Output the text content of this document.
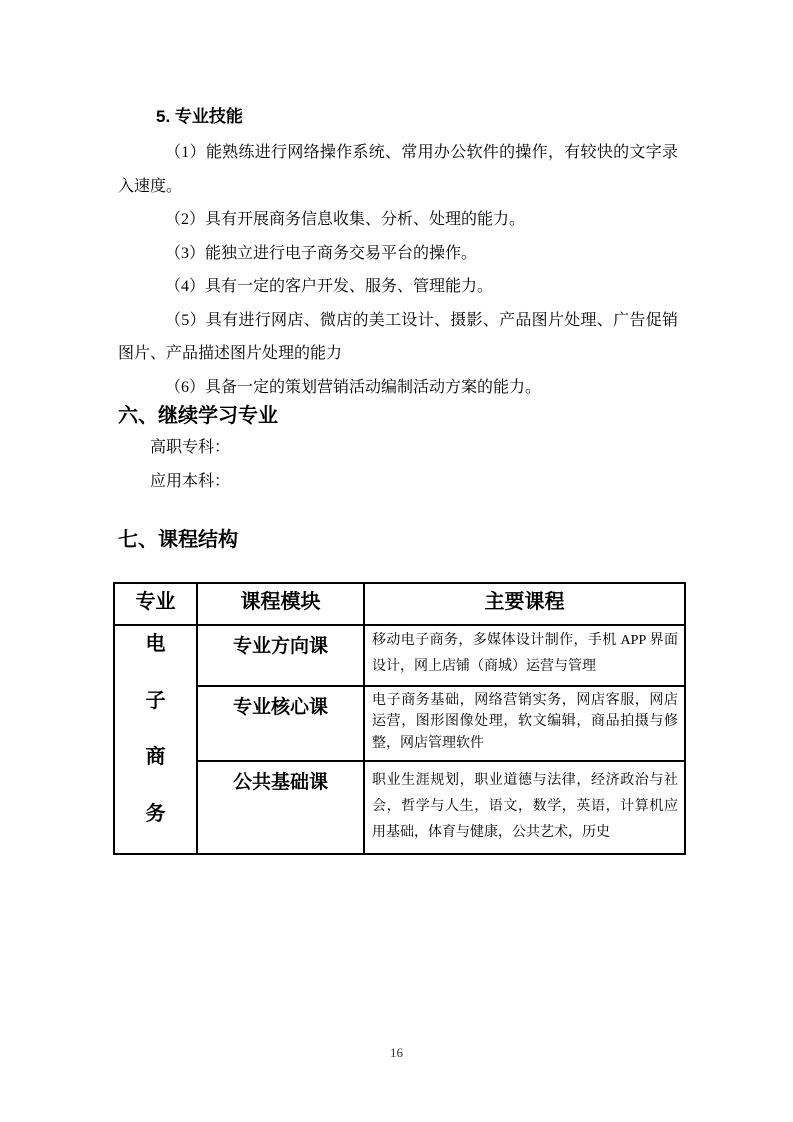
5. 专业技能

（1）能熟练进行网络操作系统、常用办公软件的操作，有较快的文字录入速度。

（2）具有开展商务信息收集、分析、处理的能力。

（3）能独立进行电子商务交易平台的操作。

（4）具有一定的客户开发、服务、管理能力。

（5）具有进行网店、微店的美工设计、摄影、产品图片处理、广告促销图片、产品描述图片处理的能力

（6）具备一定的策划营销活动编制活动方案的能力。

六、继续学习专业
高职专科：
应用本科：
七、课程结构
专业	课程模块	主要课程

电
子
商
务	专业方向课	移动电子商务，多媒体设计制作，手机 APP 界面设计，网上店铺（商城）运营与管理
	专业核心课	电子商务基础，网络营销实务，网店客服，网店运营，图形图像处理，软文编辑，商品拍摄与修整，网店管理软件
	公共基础课	职业生涯规划，职业道德与法律，经济政治与社会，哲学与人生，语文，数学，英语，计算机应用基础，体育与健康，公共艺术，历史
16
